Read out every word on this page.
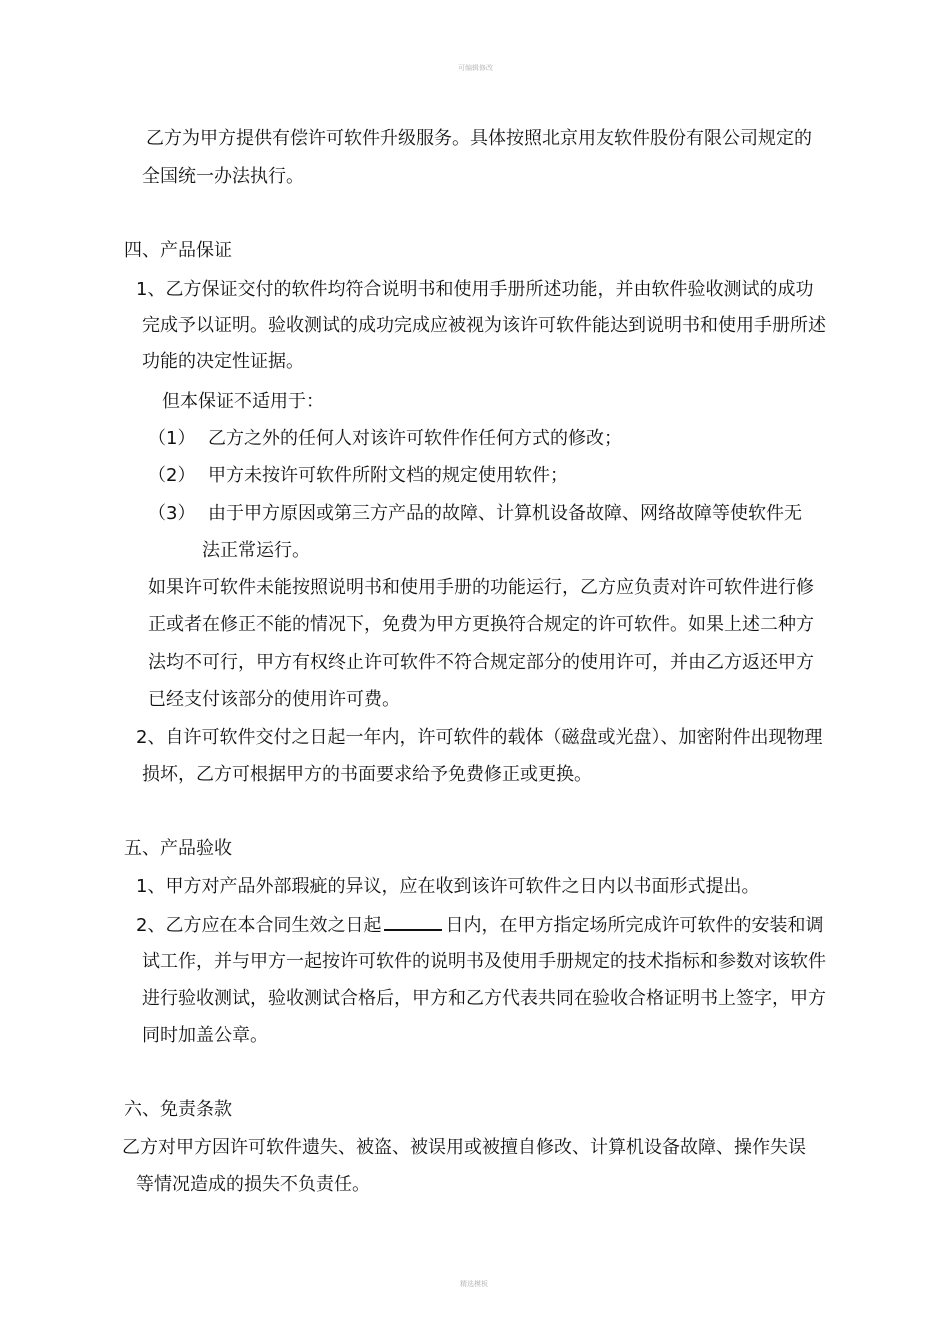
可编辑修改
乙方为甲方提供有偿许可软件升级服务。具体按照北京用友软件股份有限公司规定的
全国统一办法执行。
四、产品保证
1、乙方保证交付的软件均符合说明书和使用手册所述功能，并由软件验收测试的成功
完成予以证明。验收测试的成功完成应被视为该许可软件能达到说明书和使用手册所述
功能的决定性证据。
但本保证不适用于：
（1） 乙方之外的任何人对该许可软件作任何方式的修改；
（2） 甲方未按许可软件所附文档的规定使用软件；
（3） 由于甲方原因或第三方产品的故障、计算机设备故障、网络故障等使软件无
法正常运行。
如果许可软件未能按照说明书和使用手册的功能运行，乙方应负责对许可软件进行修
正或者在修正不能的情况下，免费为甲方更换符合规定的许可软件。如果上述二种方
法均不可行，甲方有权终止许可软件不符合规定部分的使用许可，并由乙方返还甲方
已经支付该部分的使用许可费。
2、自许可软件交付之日起一年内，许可软件的载体（磁盘或光盘）、加密附件出现物理
损坏，乙方可根据甲方的书面要求给予免费修正或更换。
五、产品验收
1、甲方对产品外部瑕疵的异议，应在收到该许可软件之日内以书面形式提出。
2、乙方应在本合同生效之日起	日内，在甲方指定场所完成许可软件的安装和调
试工作，并与甲方一起按许可软件的说明书及使用手册规定的技术指标和参数对该软件
进行验收测试，验收测试合格后，甲方和乙方代表共同在验收合格证明书上签字，甲方
同时加盖公章。
六、免责条款
乙方对甲方因许可软件遗失、被盗、被误用或被擅自修改、计算机设备故障、操作失误
等情况造成的损失不负责任。
精选模板
